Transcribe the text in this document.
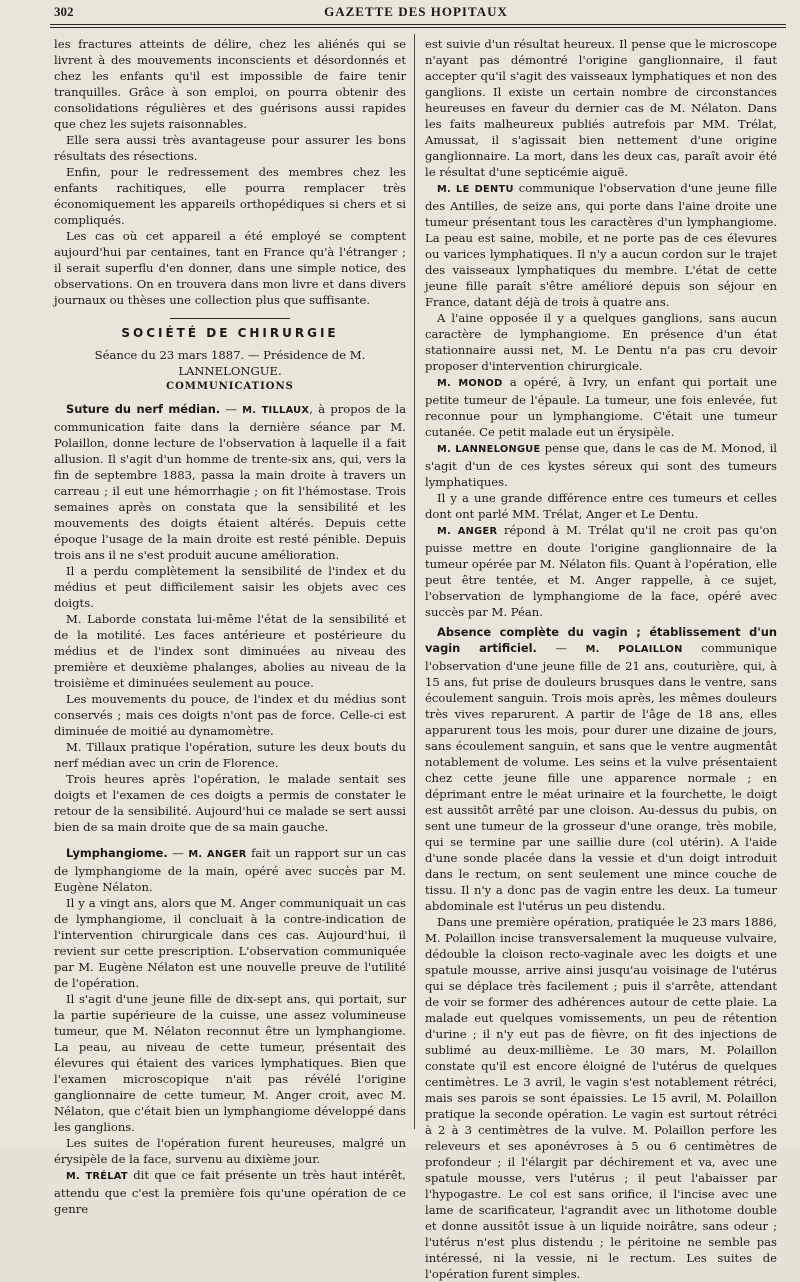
302	GAZETTE DES HOPITAUX

les fractures atteints de délire, chez les aliénés qui se livrent à des mouvements inconscients et désordonnés et chez les enfants qu'il est impossible de faire tenir tranquilles. Grâce à son emploi, on pourra obtenir des consolidations régulières et des guérisons aussi rapides que chez les sujets raisonnables.

Elle sera aussi très avantageuse pour assurer les bons résultats des résections.

Enfin, pour le redressement des membres chez les enfants rachitiques, elle pourra remplacer très économiquement les appareils orthopédiques si chers et si compliqués.

Les cas où cet appareil a été employé se comptent aujourd'hui par centaines, tant en France qu'à l'étranger ; il serait superflu d'en donner, dans une simple notice, des observations. On en trouvera dans mon livre et dans divers journaux ou thèses une collection plus que suffisante.

SOCIÉTÉ DE CHIRURGIE

Séance du 23 mars 1887. — Présidence de M. LANNELONGUE.

COMMUNICATIONS

Suture du nerf médian. — M. TILLAUX, à propos de la communication faite dans la dernière séance par M. Polaillon, donne lecture de l'observation à laquelle il a fait allusion. Il s'agit d'un homme de trente-six ans, qui, vers la fin de septembre 1883, passa la main droite à travers un carreau ; il eut une hémorrhagie ; on fit l'hémostase. Trois semaines après on constata que la sensibilité et les mouvements des doigts étaient altérés. Depuis cette époque l'usage de la main droite est resté pénible. Depuis trois ans il ne s'est produit aucune amélioration.

Il a perdu complètement la sensibilité de l'index et du médius et peut difficilement saisir les objets avec ces doigts.

M. Laborde constata lui-même l'état de la sensibilité et de la motilité. Les faces antérieure et postérieure du médius et de l'index sont diminuées au niveau des première et deuxième phalanges, abolies au niveau de la troisième et diminuées seulement au pouce.

Les mouvements du pouce, de l'index et du médius sont conservés ; mais ces doigts n'ont pas de force. Celle-ci est diminuée de moitié au dynamomètre.

M. Tillaux pratique l'opération, suture les deux bouts du nerf médian avec un crin de Florence.

Trois heures après l'opération, le malade sentait ses doigts et l'examen de ces doigts a permis de constater le retour de la sensibilité. Aujourd'hui ce malade se sert aussi bien de sa main droite que de sa main gauche.

Lymphangiome. — M. ANGER fait un rapport sur un cas de lymphangiome de la main, opéré avec succès par M. Eugène Nélaton.

Il y a vingt ans, alors que M. Anger communiquait un cas de lymphangiome, il concluait à la contre-indication de l'intervention chirurgicale dans ces cas. Aujourd'hui, il revient sur cette prescription. L'observation communiquée par M. Eugène Nélaton est une nouvelle preuve de l'utilité de l'opération.

Il s'agit d'une jeune fille de dix-sept ans, qui portait, sur la partie supérieure de la cuisse, une assez volumineuse tumeur, que M. Nélaton reconnut être un lymphangiome. La peau, au niveau de cette tumeur, présentait des élevures qui étaient des varices lymphatiques. Bien que l'examen microscopique n'ait pas révélé l'origine ganglionnaire de cette tumeur, M. Anger croit, avec M. Nélaton, que c'était bien un lymphangiome développé dans les ganglions.

Les suites de l'opération furent heureuses, malgré un érysipèle de la face, survenu au dixième jour.

M. TRÉLAT dit que ce fait présente un très haut intérêt, attendu que c'est la première fois qu'une opération de ce genre

est suivie d'un résultat heureux. Il pense que le microscope n'ayant pas démontré l'origine ganglionnaire, il faut accepter qu'il s'agit des vaisseaux lymphatiques et non des ganglions. Il existe un certain nombre de circonstances heureuses en faveur du dernier cas de M. Nélaton. Dans les faits malheureux publiés autrefois par MM. Trélat, Amussat, il s'agissait bien nettement d'une origine ganglionnaire. La mort, dans les deux cas, paraît avoir été le résultat d'une septicémie aiguë.

M. LE DENTU communique l'observation d'une jeune fille des Antilles, de seize ans, qui porte dans l'aine droite une tumeur présentant tous les caractères d'un lymphangiome. La peau est saine, mobile, et ne porte pas de ces élevures ou varices lymphatiques. Il n'y a aucun cordon sur le trajet des vaisseaux lymphatiques du membre. L'état de cette jeune fille paraît s'être amélioré depuis son séjour en France, datant déjà de trois à quatre ans.

A l'aine opposée il y a quelques ganglions, sans aucun caractère de lymphangiome. En présence d'un état stationnaire aussi net, M. Le Dentu n'a pas cru devoir proposer d'intervention chirurgicale.

M. MONOD a opéré, à Ivry, un enfant qui portait une petite tumeur de l'épaule. La tumeur, une fois enlevée, fut reconnue pour un lymphangiome. C'était une tumeur cutanée. Ce petit malade eut un érysipèle.

M. LANNELONGUE pense que, dans le cas de M. Monod, il s'agit d'un de ces kystes séreux qui sont des tumeurs lymphatiques.

Il y a une grande différence entre ces tumeurs et celles dont ont parlé MM. Trélat, Anger et Le Dentu.

M. ANGER répond à M. Trélat qu'il ne croit pas qu'on puisse mettre en doute l'origine ganglionnaire de la tumeur opérée par M. Nélaton fils. Quant à l'opération, elle peut être tentée, et M. Anger rappelle, à ce sujet, l'observation de lymphangiome de la face, opéré avec succès par M. Péan.

Absence complète du vagin ; établissement d'un vagin artificiel. — M. POLAILLON communique l'observation d'une jeune fille de 21 ans, couturière, qui, à 15 ans, fut prise de douleurs brusques dans le ventre, sans écoulement sanguin. Trois mois après, les mêmes douleurs très vives reparurent. A partir de l'âge de 18 ans, elles apparurent tous les mois, pour durer une dizaine de jours, sans écoulement sanguin, et sans que le ventre augmentât notablement de volume. Les seins et la vulve présentaient chez cette jeune fille une apparence normale ; en déprimant entre le méat urinaire et la fourchette, le doigt est aussitôt arrêté par une cloison. Au-dessus du pubis, on sent une tumeur de la grosseur d'une orange, très mobile, qui se termine par une saillie dure (col utérin). A l'aide d'une sonde placée dans la vessie et d'un doigt introduit dans le rectum, on sent seulement une mince couche de tissu. Il n'y a donc pas de vagin entre les deux. La tumeur abdominale est l'utérus un peu distendu.

Dans une première opération, pratiquée le 23 mars 1886, M. Polaillon incise transversalement la muqueuse vulvaire, dédouble la cloison recto-vaginale avec les doigts et une spatule mousse, arrive ainsi jusqu'au voisinage de l'utérus qui se déplace très facilement ; puis il s'arrête, attendant de voir se former des adhérences autour de cette plaie. La malade eut quelques vomissements, un peu de rétention d'urine ; il n'y eut pas de fièvre, on fit des injections de sublimé au deux-millième. Le 30 mars, M. Polaillon constate qu'il est encore éloigné de l'utérus de quelques centimètres. Le 3 avril, le vagin s'est notablement rétréci, mais ses parois se sont épaissies. Le 15 avril, M. Polaillon pratique la seconde opération. Le vagin est surtout rétréci à 2 à 3 centimètres de la vulve. M. Polaillon perfore les releveurs et ses aponévroses à 5 ou 6 centimètres de profondeur ; il l'élargit par déchirement et va, avec une spatule mousse, vers l'utérus ; il peut l'abaisser par l'hypogastre. Le col est sans orifice, il l'incise avec une lame de scarificateur, l'agrandit avec un lithotome double et donne aussitôt issue à un liquide noirâtre, sans odeur ; l'utérus n'est plus distendu ; le péritoine ne semble pas intéressé, ni la vessie, ni le rectum. Les suites de l'opération furent simples.
